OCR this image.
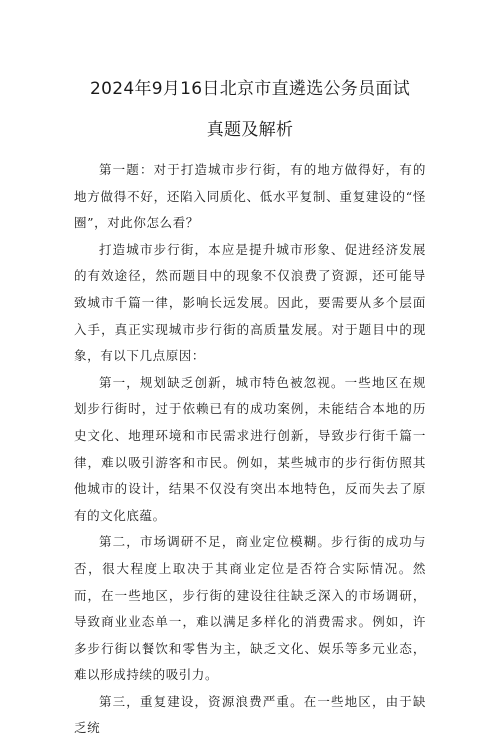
2024年9月16日北京市直遴选公务员面试
真题及解析

第一题：对于打造城市步行街，有的地方做得好，有的地方做得不好，还陷入同质化、低水平复制、重复建设的“怪圈”，对此你怎么看？

打造城市步行街，本应是提升城市形象、促进经济发展的有效途径，然而题目中的现象不仅浪费了资源，还可能导致城市千篇一律，影响长远发展。因此，要需要从多个层面入手，真正实现城市步行街的高质量发展。对于题目中的现象，有以下几点原因：

第一，规划缺乏创新，城市特色被忽视。一些地区在规划步行街时，过于依赖已有的成功案例，未能结合本地的历史文化、地理环境和市民需求进行创新，导致步行街千篇一律，难以吸引游客和市民。例如，某些城市的步行街仿照其他城市的设计，结果不仅没有突出本地特色，反而失去了原有的文化底蕴。

第二，市场调研不足，商业定位模糊。步行街的成功与否，很大程度上取决于其商业定位是否符合实际情况。然而，在一些地区，步行街的建设往往缺乏深入的市场调研，导致商业业态单一，难以满足多样化的消费需求。例如，许多步行街以餐饮和零售为主，缺乏文化、娱乐等多元业态，难以形成持续的吸引力。

第三，重复建设，资源浪费严重。在一些地区，由于缺乏统
